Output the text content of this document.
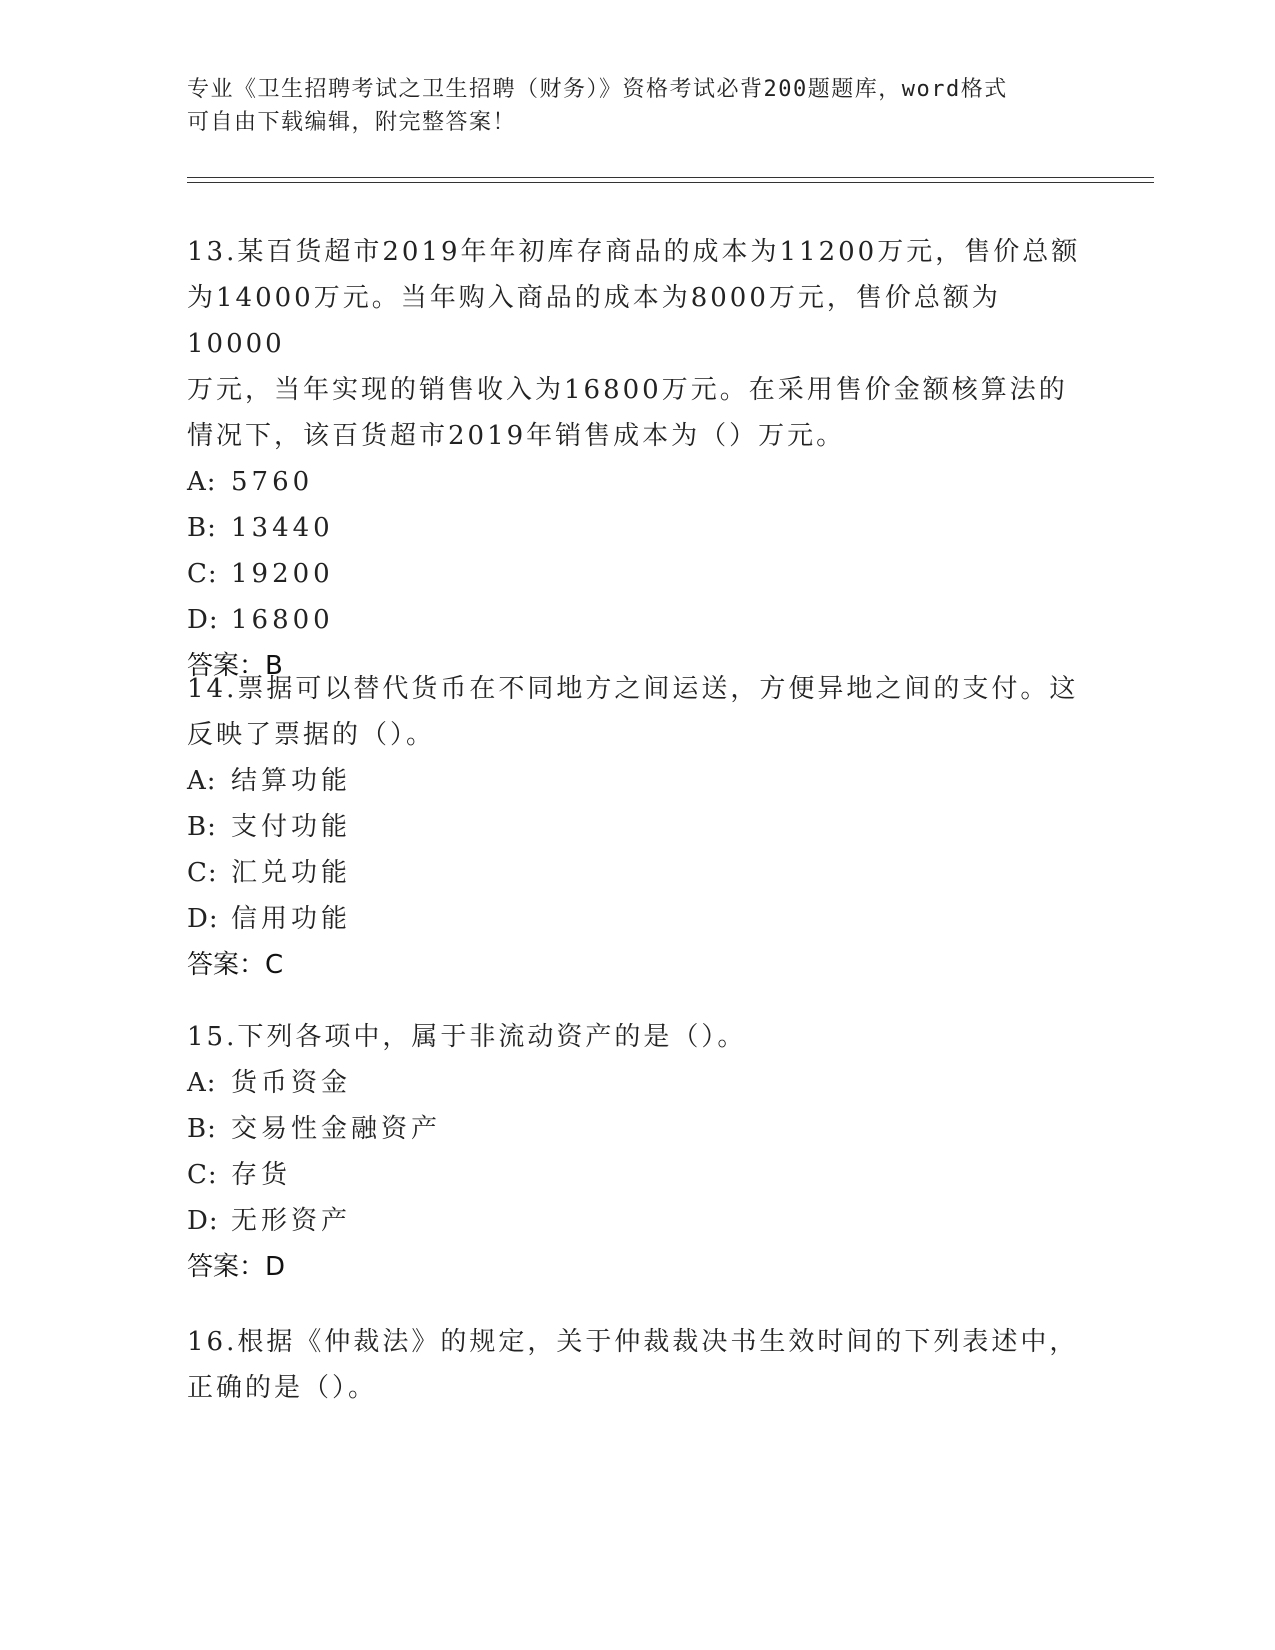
专业《卫生招聘考试之卫生招聘（财务）》资格考试必背200题题库，word格式

可自由下载编辑，附完整答案！

13.某百货超市2019年年初库存商品的成本为11200万元，售价总额

为14000万元。当年购入商品的成本为8000万元，售价总额为10000

万元，当年实现的销售收入为16800万元。在采用售价金额核算法的

情况下，该百货超市2019年销售成本为（）万元。

A: 5760

B: 13440

C: 19200

D: 16800

答案：B

14.票据可以替代货币在不同地方之间运送，方便异地之间的支付。这

反映了票据的（）。

A: 结算功能

B: 支付功能

C: 汇兑功能

D: 信用功能

答案：C

15.下列各项中，属于非流动资产的是（）。

A: 货币资金

B: 交易性金融资产

C: 存货

D: 无形资产

答案：D

16.根据《仲裁法》的规定，关于仲裁裁决书生效时间的下列表述中，

正确的是（）。
